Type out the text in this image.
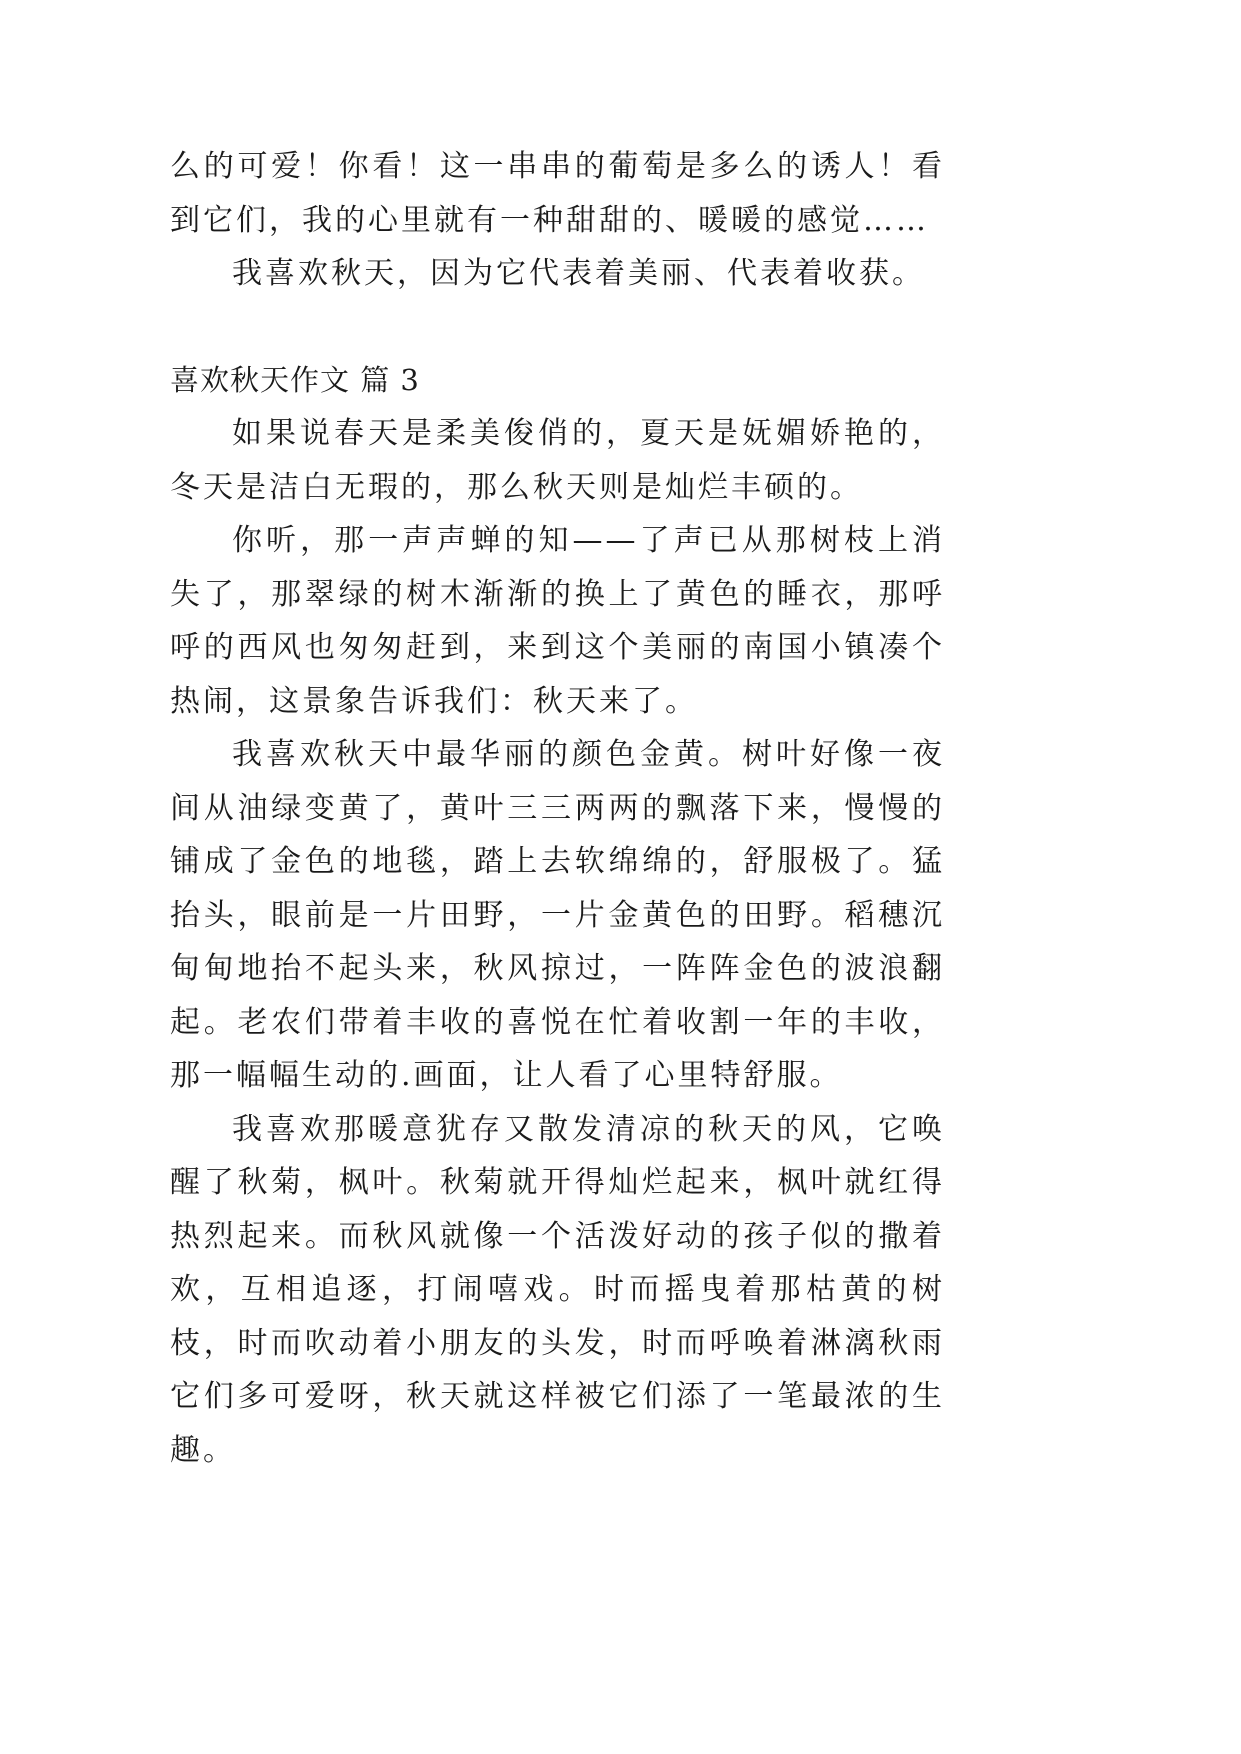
么的可爱！你看！这一串串的葡萄是多么的诱人！看到它们，我的心里就有一种甜甜的、暖暖的感觉……

我喜欢秋天，因为它代表着美丽、代表着收获。

喜欢秋天作文 篇 3

如果说春天是柔美俊俏的，夏天是妩媚娇艳的，冬天是洁白无瑕的，那么秋天则是灿烂丰硕的。

你听，那一声声蝉的知——了声已从那树枝上消失了，那翠绿的树木渐渐的换上了黄色的睡衣，那呼呼的西风也匆匆赶到，来到这个美丽的南国小镇凑个热闹，这景象告诉我们：秋天来了。

我喜欢秋天中最华丽的颜色金黄。树叶好像一夜间从油绿变黄了，黄叶三三两两的飘落下来，慢慢的铺成了金色的地毯，踏上去软绵绵的，舒服极了。猛抬头，眼前是一片田野，一片金黄色的田野。稻穗沉甸甸地抬不起头来，秋风掠过，一阵阵金色的波浪翻起。老农们带着丰收的喜悦在忙着收割一年的丰收，那一幅幅生动的.画面，让人看了心里特舒服。

我喜欢那暖意犹存又散发清凉的秋天的风，它唤醒了秋菊，枫叶。秋菊就开得灿烂起来，枫叶就红得热烈起来。而秋风就像一个活泼好动的孩子似的撒着欢，互相追逐，打闹嘻戏。时而摇曳着那枯黄的树枝，时而吹动着小朋友的头发，时而呼唤着淋漓秋雨它们多可爱呀，秋天就这样被它们添了一笔最浓的生趣。
